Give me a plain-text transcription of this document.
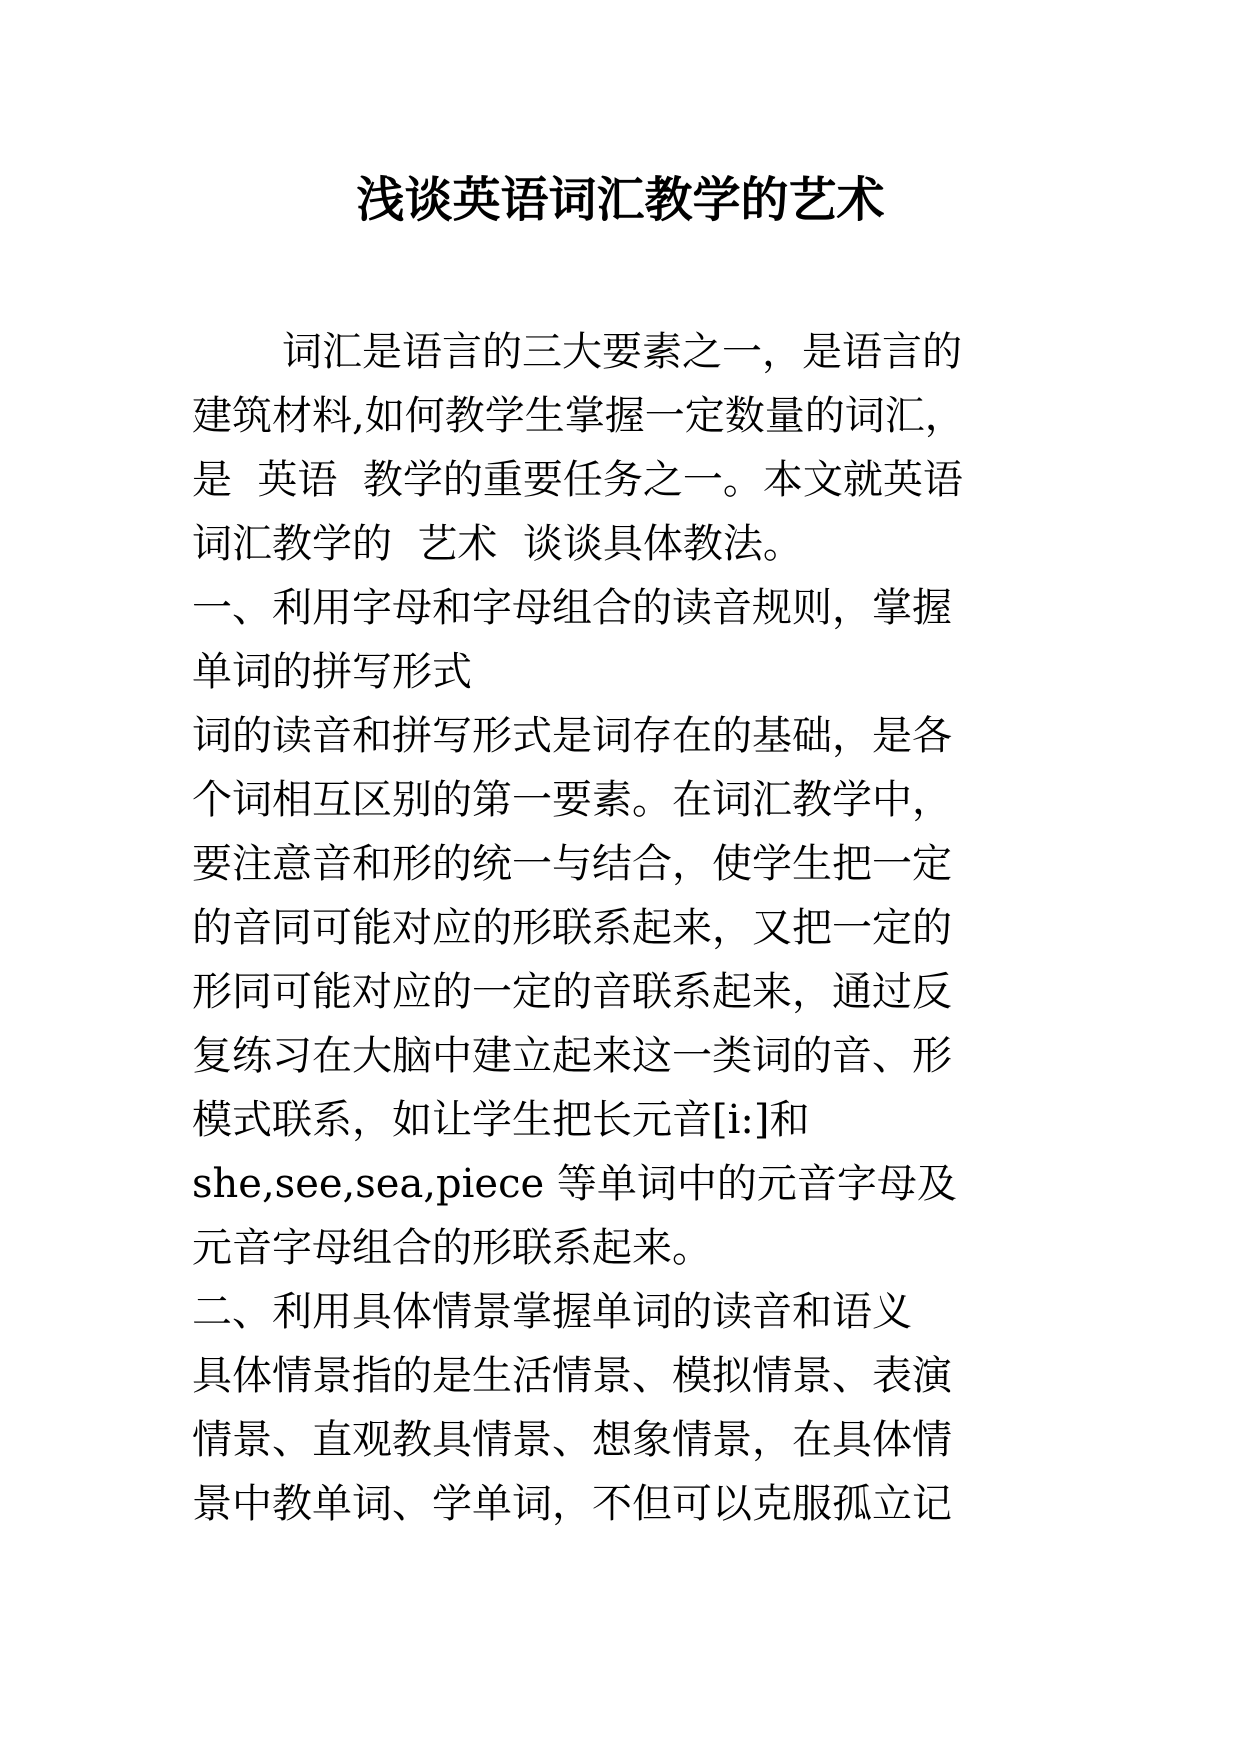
浅谈英语词汇教学的艺术
词汇是语言的三大要素之一，是语言的
建筑材料,如何教学生掌握一定数量的词汇，
是  英语  教学的重要任务之一。本文就英语
词汇教学的  艺术  谈谈具体教法。
一、利用字母和字母组合的读音规则，掌握
单词的拼写形式
词的读音和拼写形式是词存在的基础，是各
个词相互区别的第一要素。在词汇教学中，
要注意音和形的统一与结合，使学生把一定
的音同可能对应的形联系起来，又把一定的
形同可能对应的一定的音联系起来，通过反
复练习在大脑中建立起来这一类词的音、形
模式联系，如让学生把长元音[i:]和
she,see,sea,piece 等单词中的元音字母及
元音字母组合的形联系起来。
二、利用具体情景掌握单词的读音和语义
具体情景指的是生活情景、模拟情景、表演
情景、直观教具情景、想象情景，在具体情
景中教单词、学单词，不但可以克服孤立记
